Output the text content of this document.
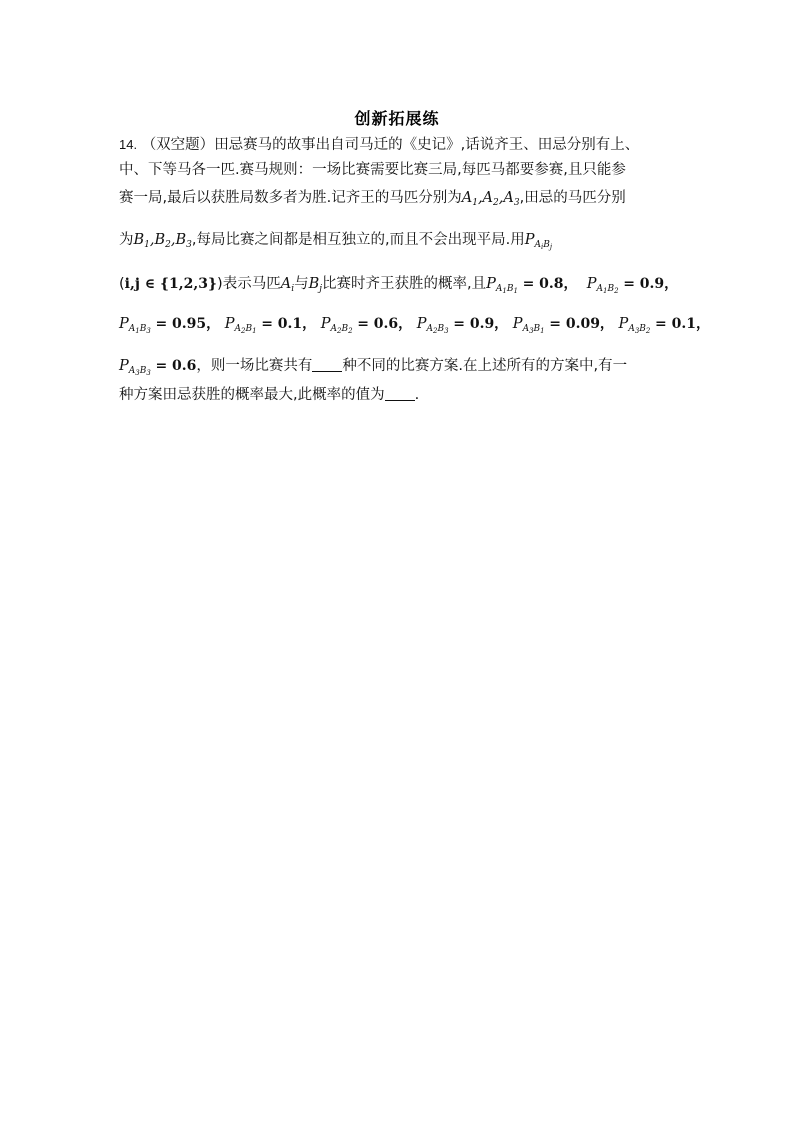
创新拓展练
14. （双空题）田忌赛马的故事出自司马迁的《史记》,话说齐王、田忌分别有上、
中、下等马各一匹.赛马规则：一场比赛需要比赛三局,每匹马都要参赛,且只能参
赛一局,最后以获胜局数多者为胜.记齐王的马匹分别为$A_1,A_2,A_3$,田忌的马匹分别
为$B_1,B_2,B_3$,每局比赛之间都是相互独立的,而且不会出现平局.用$P_{A_iB_j}$
(i,j ∈ {1,2,3})表示马匹$A_i$与$B_j$比赛时齐王获胜的概率,且$P_{A_1B_1} = 0.8$， $P_{A_1B_2} = 0.9$，
$P_{A_1B_3} = 0.95$， $P_{A_2B_1} = 0.1$， $P_{A_2B_2} = 0.6$， $P_{A_2B_3} = 0.9$， $P_{A_3B_1} = 0.09$， $P_{A_3B_2} = 0.1$，
$P_{A_3B_3} = 0.6$，则一场比赛共有 种不同的比赛方案.在上述所有的方案中,有一
种方案田忌获胜的概率最大,此概率的值为 .
